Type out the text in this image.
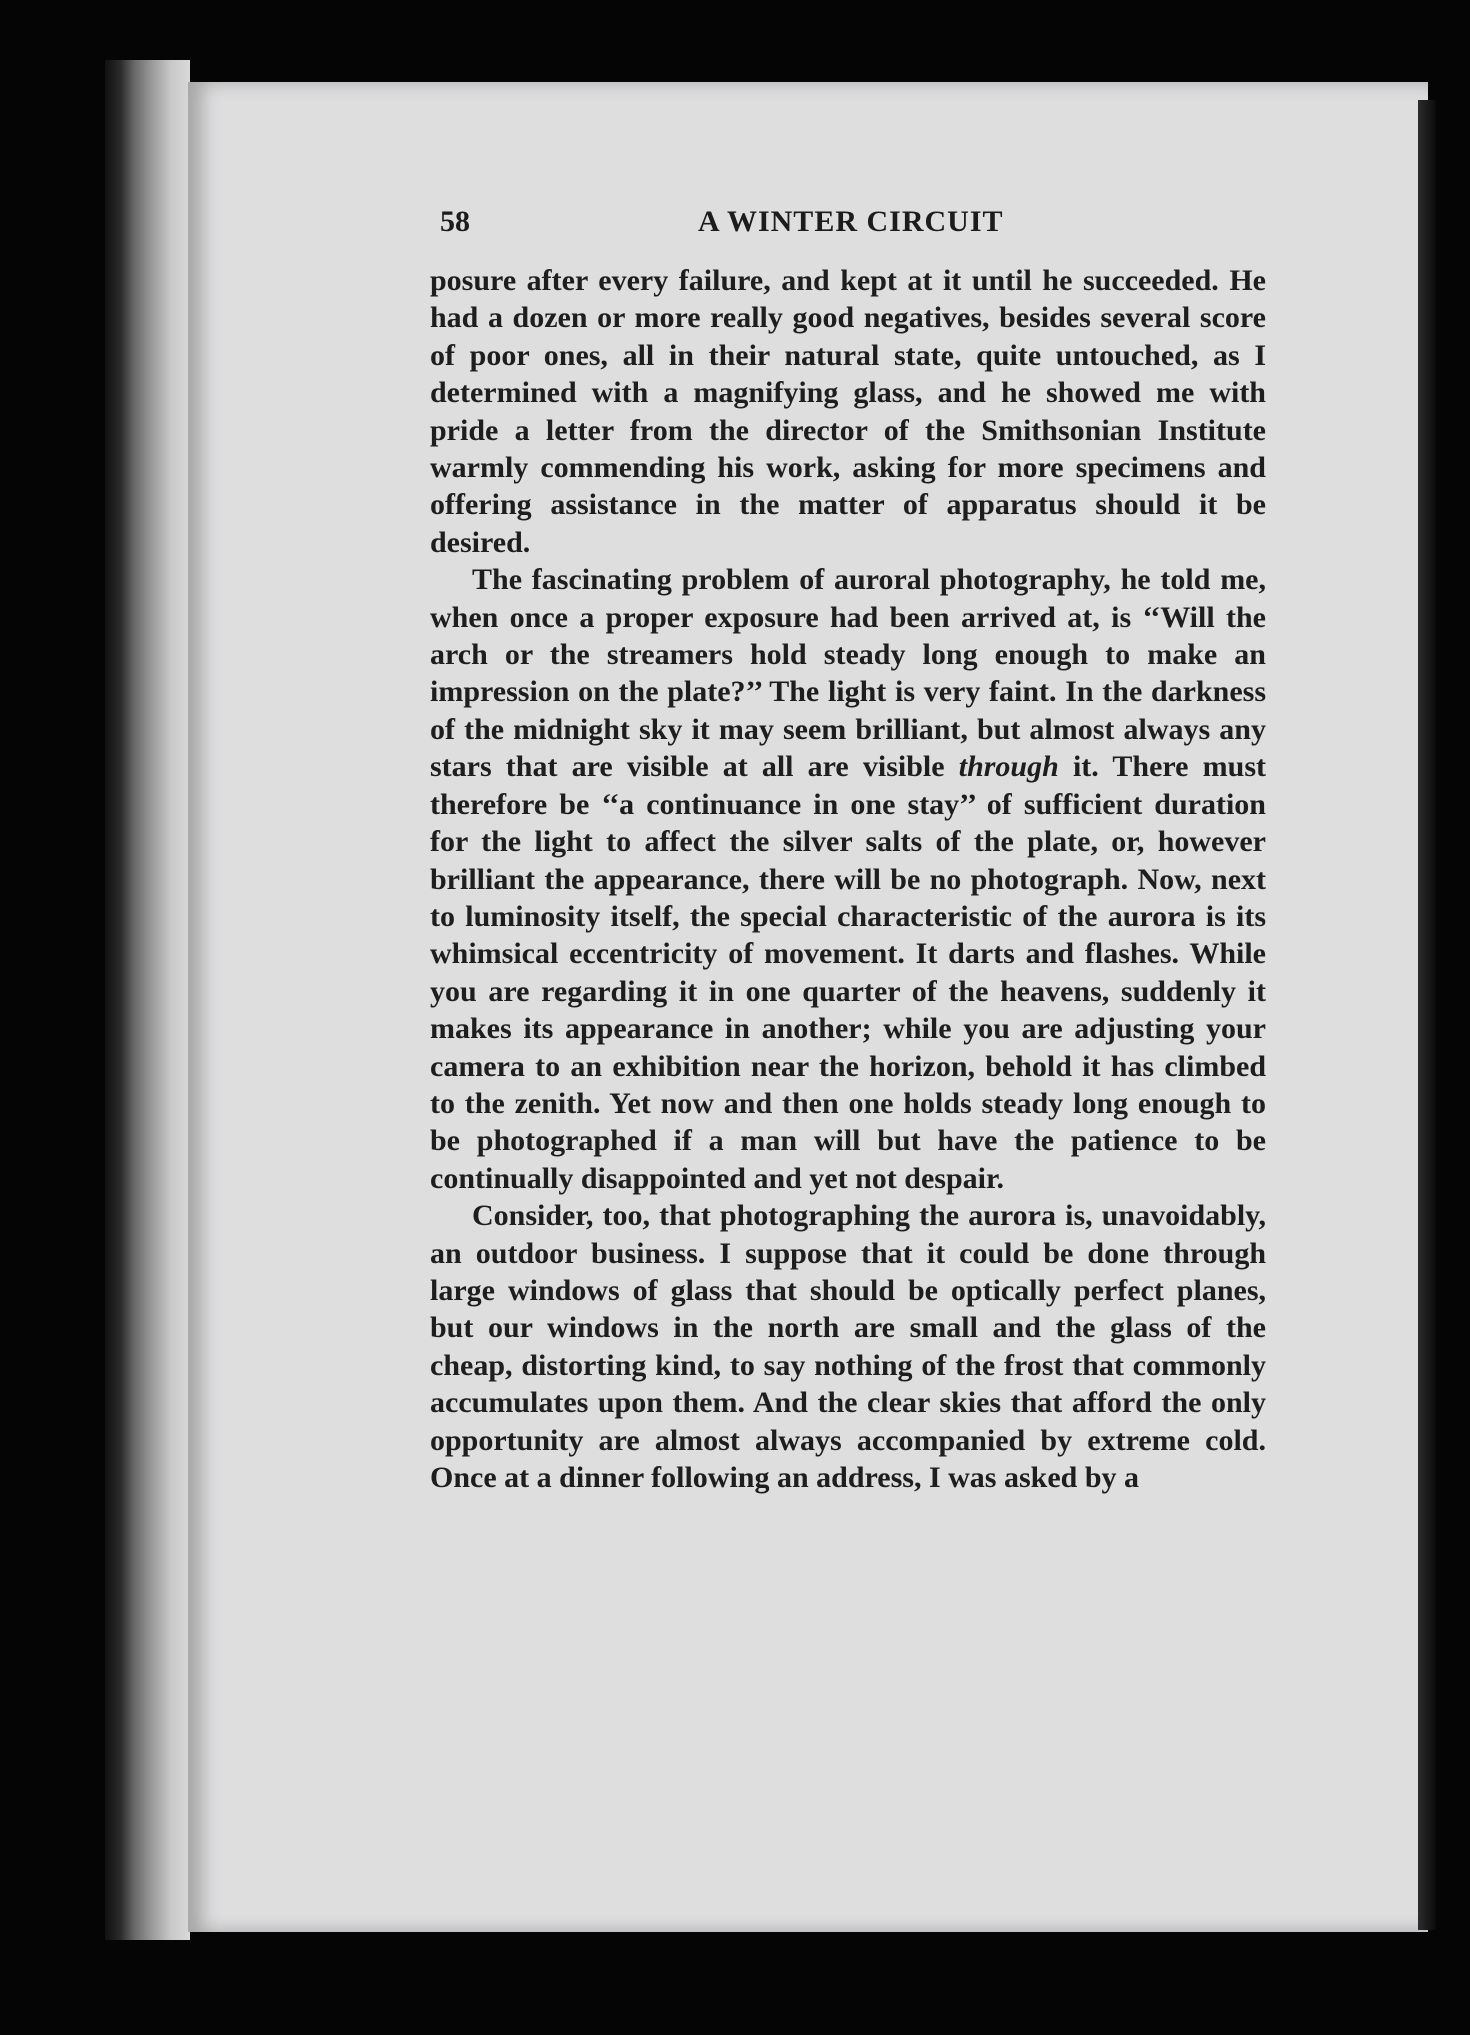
58	A WINTER CIRCUIT

posure after every failure, and kept at it until he succeeded. He had a dozen or more really good negatives, besides several score of poor ones, all in their natural state, quite untouched, as I determined with a magnifying glass, and he showed me with pride a letter from the director of the Smithsonian Institute warmly commending his work, asking for more specimens and offering assistance in the matter of apparatus should it be desired.

The fascinating problem of auroral photography, he told me, when once a proper exposure had been arrived at, is ‘‘Will the arch or the streamers hold steady long enough to make an impression on the plate?’’ The light is very faint. In the darkness of the midnight sky it may seem brilliant, but almost always any stars that are visible at all are visible through it. There must therefore be ‘‘a continuance in one stay’’ of sufficient duration for the light to affect the silver salts of the plate, or, however brilliant the appearance, there will be no photograph. Now, next to luminosity itself, the special characteristic of the aurora is its whimsical eccentricity of movement. It darts and flashes. While you are regarding it in one quarter of the heavens, suddenly it makes its appearance in another; while you are adjusting your camera to an exhibition near the horizon, behold it has climbed to the zenith. Yet now and then one holds steady long enough to be photographed if a man will but have the patience to be continually disappointed and yet not despair.

Consider, too, that photographing the aurora is, unavoidably, an outdoor business. I suppose that it could be done through large windows of glass that should be optically perfect planes, but our windows in the north are small and the glass of the cheap, distorting kind, to say nothing of the frost that commonly accumulates upon them. And the clear skies that afford the only opportunity are almost always accompanied by extreme cold. Once at a dinner following an address, I was asked by a
